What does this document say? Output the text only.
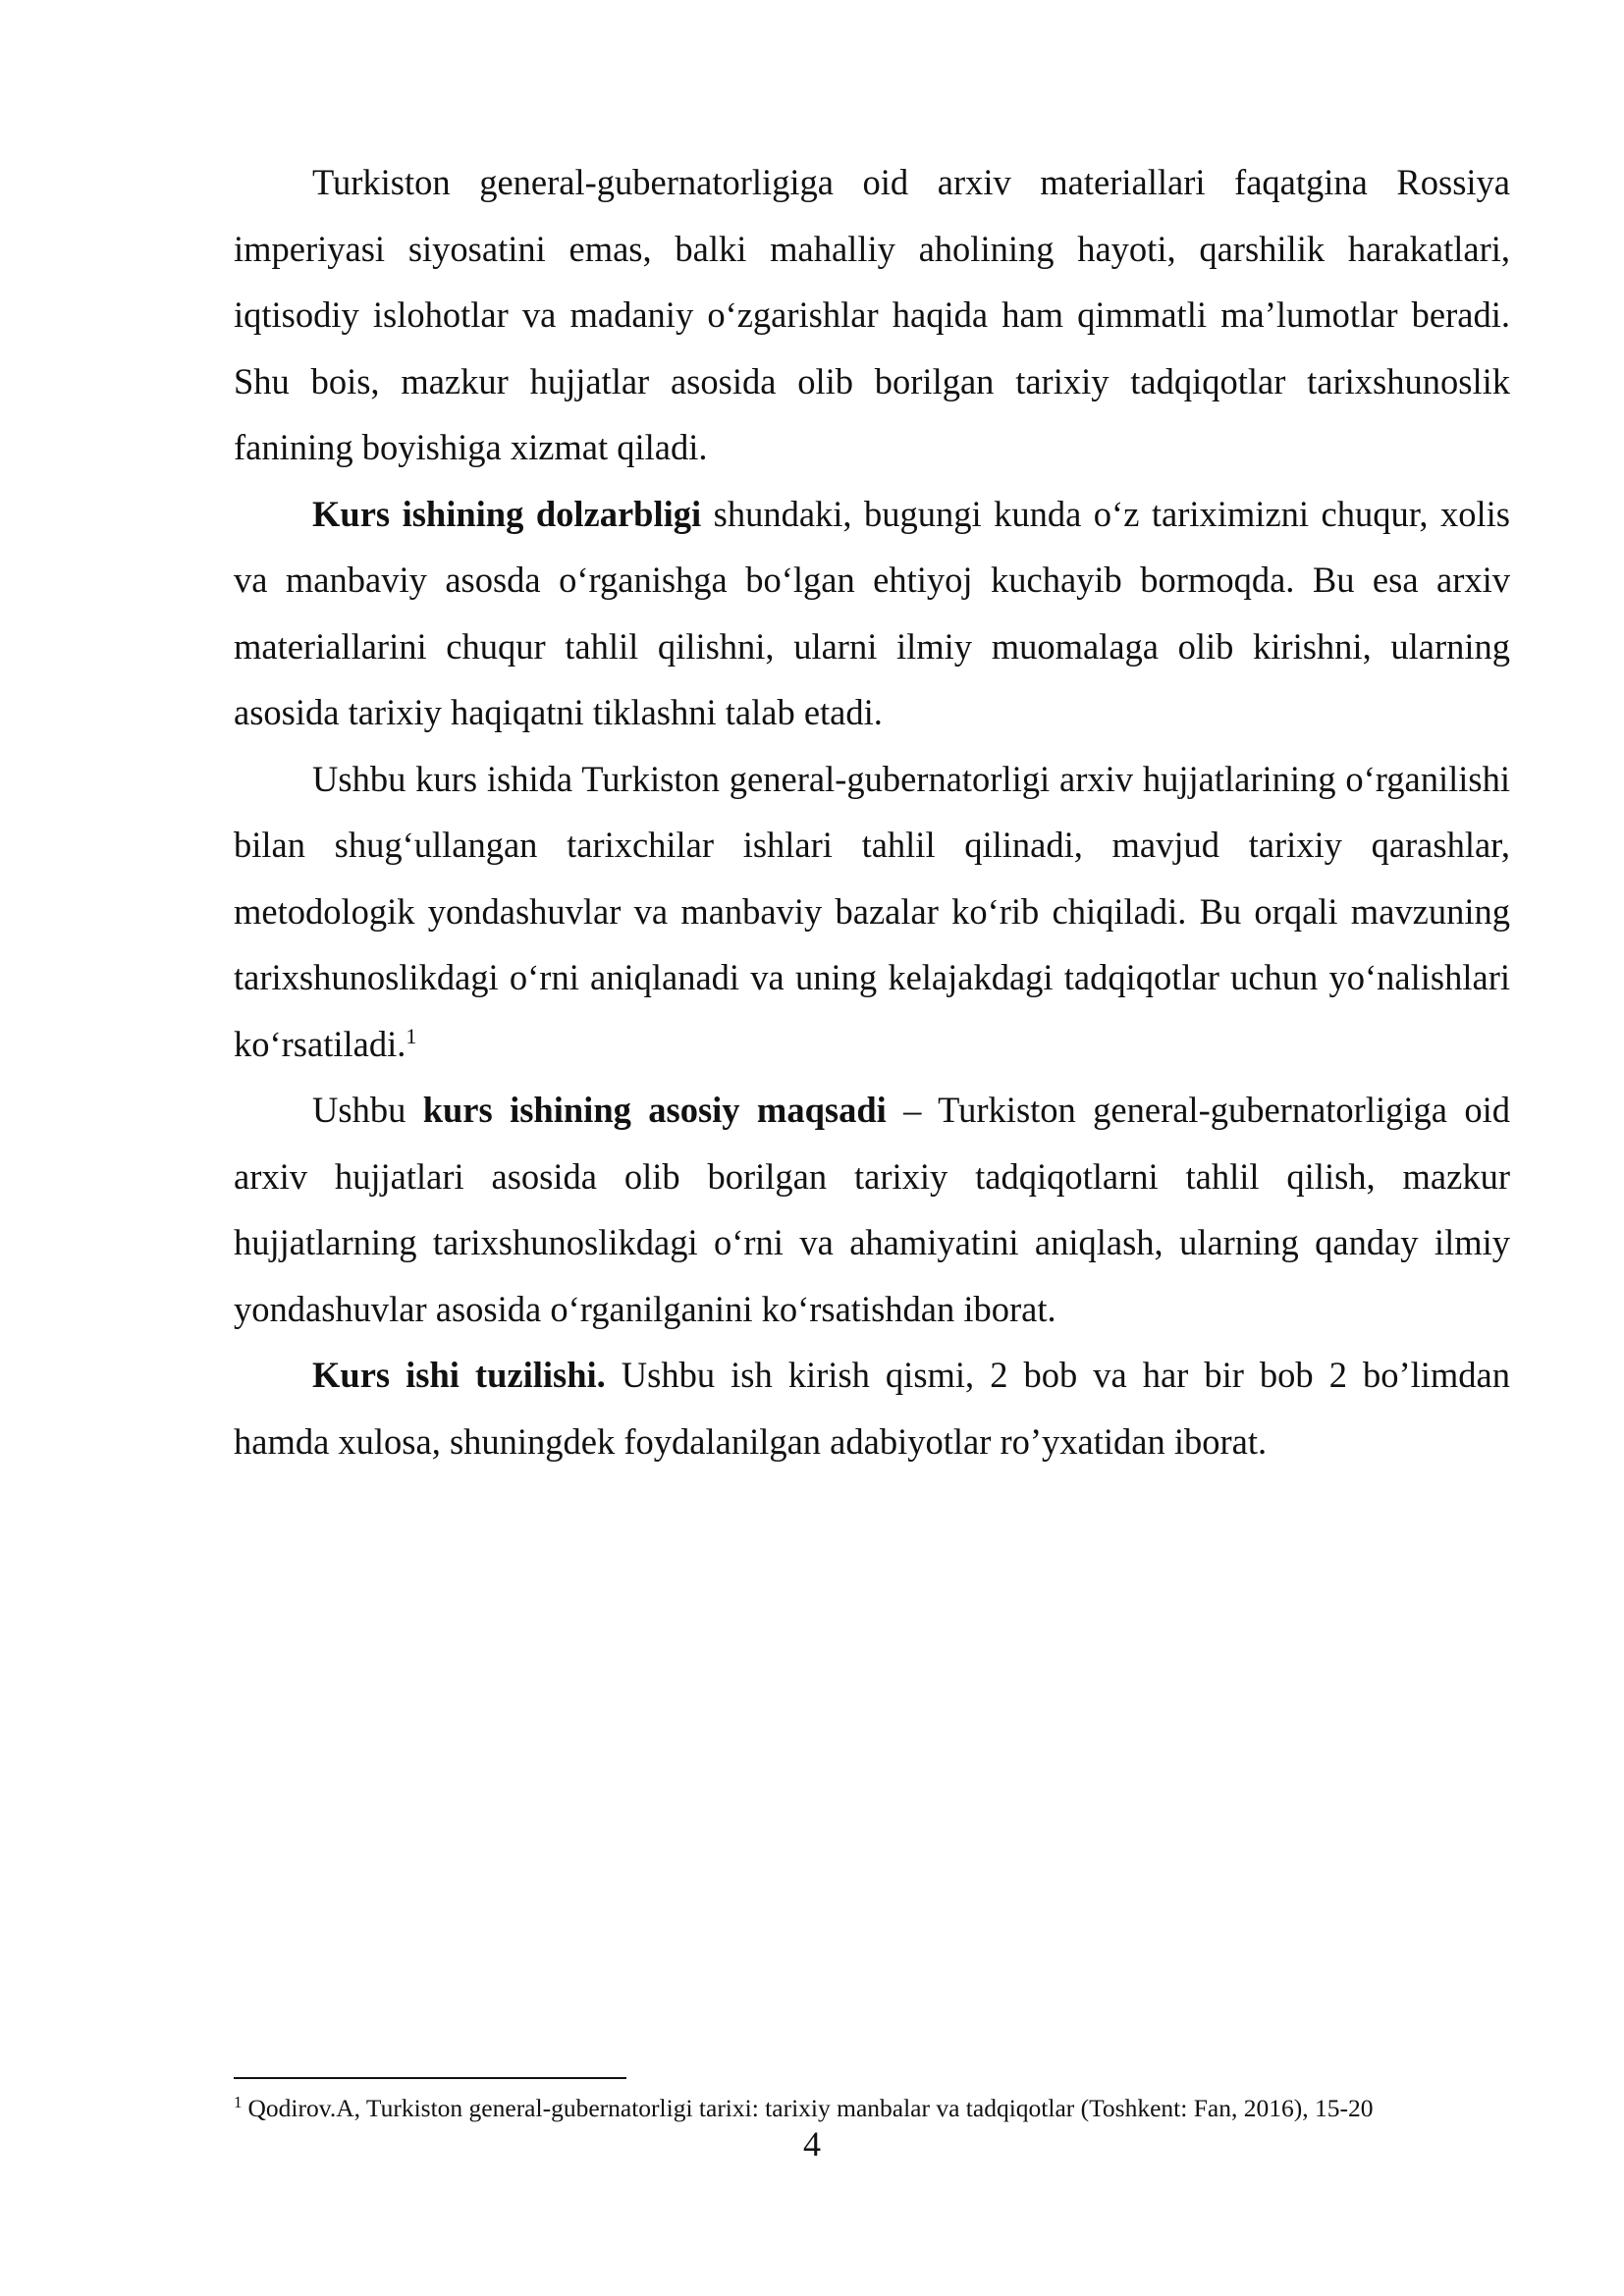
Turkiston general-gubernatorligiga oid arxiv materiallari faqatgina Rossiya imperiyasi siyosatini emas, balki mahalliy aholining hayoti, qarshilik harakatlari, iqtisodiy islohotlar va madaniy o‘zgarishlar haqida ham qimmatli ma’lumotlar beradi. Shu bois, mazkur hujjatlar asosida olib borilgan tarixiy tadqiqotlar tarixshunoslik fanining boyishiga xizmat qiladi.

Kurs ishining dolzarbligi shundaki, bugungi kunda o‘z tariximizni chuqur, xolis va manbaviy asosda o‘rganishga bo‘lgan ehtiyoj kuchayib bormoqda. Bu esa arxiv materiallarini chuqur tahlil qilishni, ularni ilmiy muomalaga olib kirishni, ularning asosida tarixiy haqiqatni tiklashni talab etadi.

Ushbu kurs ishida Turkiston general-gubernatorligi arxiv hujjatlarining o‘rganilishi bilan shug‘ullangan tarixchilar ishlari tahlil qilinadi, mavjud tarixiy qarashlar, metodologik yondashuvlar va manbaviy bazalar ko‘rib chiqiladi. Bu orqali mavzuning tarixshunoslikdagi o‘rni aniqlanadi va uning kelajakdagi tadqiqotlar uchun yo‘nalishlari ko‘rsatiladi.$^1$

Ushbu kurs ishining asosiy maqsadi – Turkiston general-gubernatorligiga oid arxiv hujjatlari asosida olib borilgan tarixiy tadqiqotlarni tahlil qilish, mazkur hujjatlarning tarixshunoslikdagi o‘rni va ahamiyatini aniqlash, ularning qanday ilmiy yondashuvlar asosida o‘rganilganini ko‘rsatishdan iborat.

Kurs ishi tuzilishi. Ushbu ish kirish qismi, 2 bob va har bir bob 2 bo’limdan hamda xulosa, shuningdek foydalanilgan adabiyotlar ro’yxatidan iborat.

$^1$ Qodirov.A, Turkiston general-gubernatorligi tarixi: tarixiy manbalar va tadqiqotlar (Toshkent: Fan, 2016), 15-20
4
